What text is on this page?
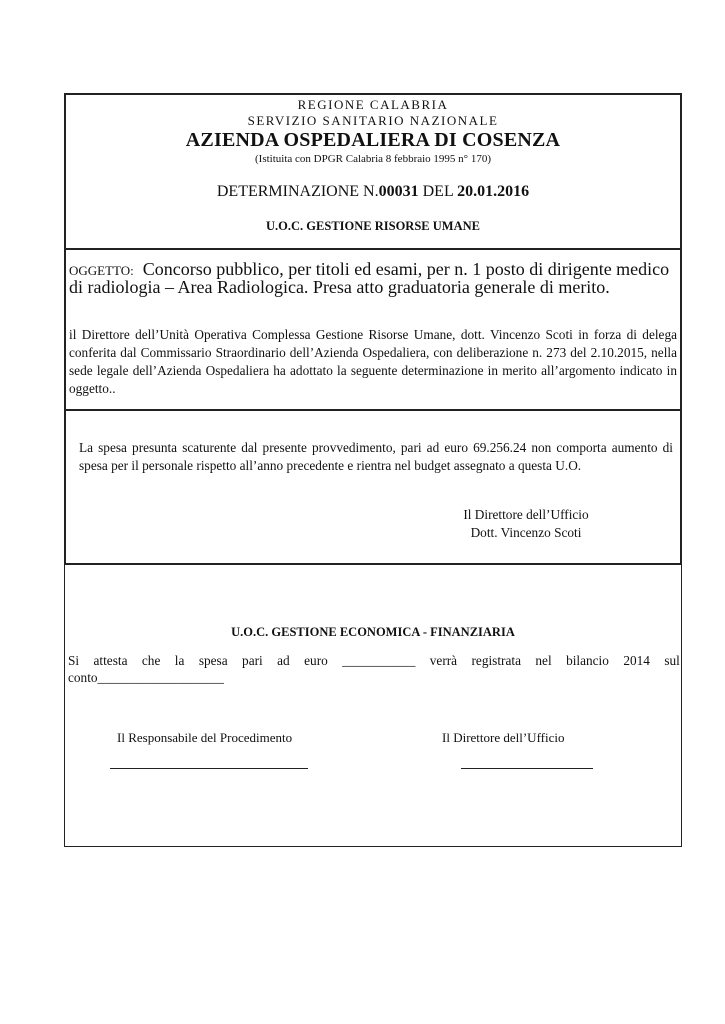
REGIONE CALABRIA
SERVIZIO SANITARIO NAZIONALE
AZIENDA OSPEDALIERA DI COSENZA
(Istituita con DPGR Calabria 8 febbraio 1995 n° 170)
DETERMINAZIONE N.00031 DEL 20.01.2016
U.O.C. GESTIONE RISORSE UMANE
OGGETTO: Concorso pubblico, per titoli ed esami, per n. 1 posto di dirigente medico di radiologia – Area Radiologica. Presa atto graduatoria generale di merito.
il Direttore dell’Unità Operativa Complessa Gestione Risorse Umane, dott. Vincenzo Scoti in forza di delega conferita dal Commissario Straordinario dell’Azienda Ospedaliera, con deliberazione n. 273 del 2.10.2015, nella sede legale dell’Azienda Ospedaliera ha adottato la seguente determinazione in merito all’argomento indicato in oggetto..
La spesa presunta scaturente dal presente provvedimento, pari ad euro 69.256.24 non comporta aumento di spesa per il personale rispetto all’anno precedente e rientra nel budget assegnato a questa U.O.
Il Direttore dell’Ufficio
Dott. Vincenzo Scoti
U.O.C. GESTIONE ECONOMICA - FINANZIARIA
Si attesta che la spesa pari ad euro ___________ verrà registrata nel bilancio 2014 sul
conto___________________
Il Responsabile del Procedimento	Il Direttore dell’Ufficio
